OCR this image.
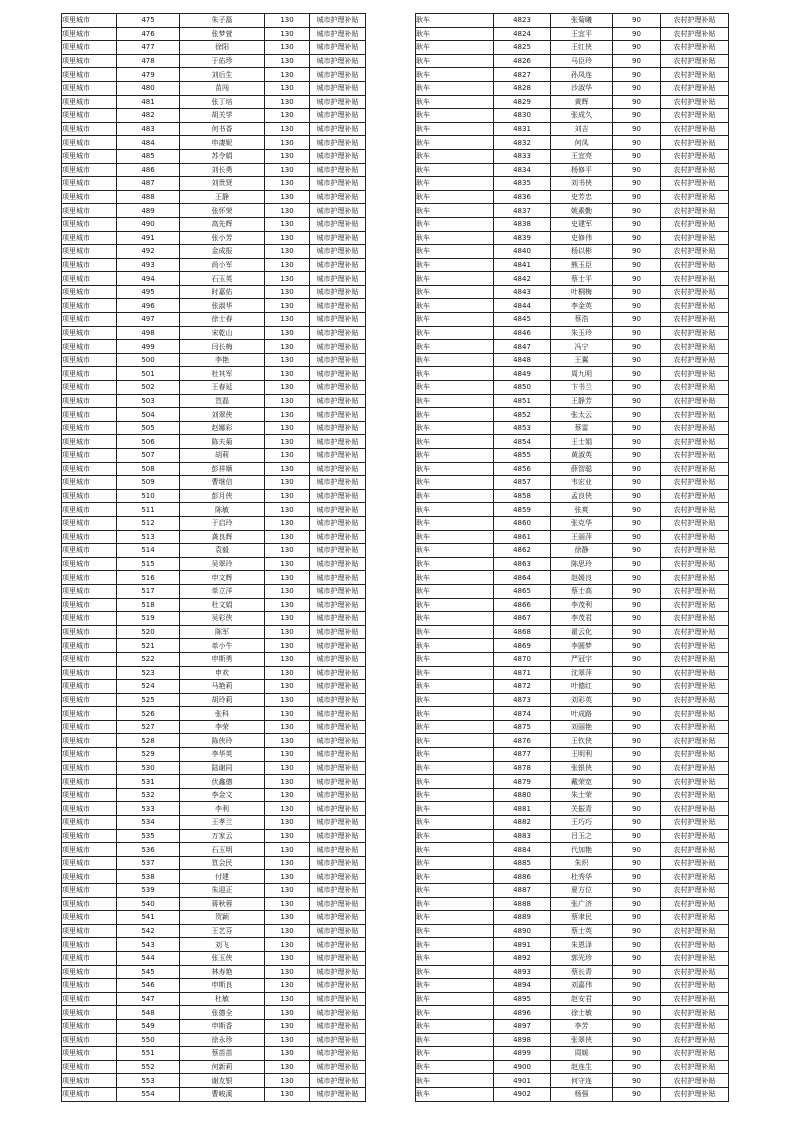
项里城市	475	朱子磊	130	城市护理补贴
项里城市	476	张梦萱	130	城市护理补贴
项里城市	477	徐阳	130	城市护理补贴
项里城市	478	于佑珍	130	城市护理补贴
项里城市	479	刘后生	130	城市护理补贴
项里城市	480	苗闯	130	城市护理补贴
项里城市	481	张丁培	130	城市护理补贴
项里城市	482	胡关学	130	城市护理补贴
项里城市	483	何书香	130	城市护理补贴
项里城市	484	申凄妮	130	城市护理补贴
项里城市	485	苏令娟	130	城市护理补贴
项里城市	486	刘长勇	130	城市护理补贴
项里城市	487	刘贵贤	130	城市护理补贴
项里城市	488	王静	130	城市护理补贴
项里城市	489	张怀荣	130	城市护理补贴
项里城市	490	高先辉	130	城市护理补贴
项里城市	491	张小芳	130	城市护理补贴
项里城市	492	金成报	130	城市护理补贴
项里城市	493	尚小军	130	城市护理补贴
项里城市	494	石玉英	130	城市护理补贴
项里城市	495	时嘉佑	130	城市护理补贴
项里城市	496	张淑华	130	城市护理补贴
项里城市	497	徐士春	130	城市护理补贴
项里城市	498	宋乾山	130	城市护理补贴
项里城市	499	闫长梅	130	城市护理补贴
项里城市	500	李艳	130	城市护理补贴
项里城市	501	杜其军	130	城市护理补贴
项里城市	502	王春延	130	城市护理补贴
项里城市	503	笪磊	130	城市护理补贴
项里城市	504	刘翠侠	130	城市护理补贴
项里城市	505	赵娜彩	130	城市护理补贴
项里城市	506	陈夫菊	130	城市护理补贴
项里城市	507	胡莉	130	城市护理补贴
项里城市	508	彭祥顺	130	城市护理补贴
项里城市	509	曹继信	130	城市护理补贴
项里城市	510	彭月侠	130	城市护理补贴
项里城市	511	陈敏	130	城市护理补贴
项里城市	512	于启玲	130	城市护理补贴
项里城市	513	龚良辉	130	城市护理补贴
项里城市	514	袁毅	130	城市护理补贴
项里城市	515	吴翠玲	130	城市护理补贴
项里城市	516	申文辉	130	城市护理补贴
项里城市	517	单立洋	130	城市护理补贴
项里城市	518	杜文娟	130	城市护理补贴
项里城市	519	吴彩侠	130	城市护理补贴
项里城市	520	陈军	130	城市护理补贴
项里城市	521	单小牛	130	城市护理补贴
项里城市	522	申斯勇	130	城市护理补贴
项里城市	523	申欢	130	城市护理补贴
项里城市	524	马艳莉	130	城市护理补贴
项里城市	525	胡玲莉	130	城市护理补贴
项里城市	526	张科	130	城市护理补贴
项里城市	527	李荣	130	城市护理补贴
项里城市	528	陈侠玲	130	城市护理补贴
项里城市	529	李华英	130	城市护理补贴
项里城市	530	陆谢同	130	城市护理补贴
项里城市	531	伏鑫德	130	城市护理补贴
项里城市	532	李金文	130	城市护理补贴
项里城市	533	李利	130	城市护理补贴
项里城市	534	王孝兰	130	城市护理补贴
项里城市	535	万家云	130	城市护理补贴
项里城市	536	石玉明	130	城市护理补贴
项里城市	537	笪会民	130	城市护理补贴
项里城市	538	付建	130	城市护理补贴
项里城市	539	朱迎正	130	城市护理补贴
项里城市	540	蒋秋蓉	130	城市护理补贴
项里城市	541	贺颖	130	城市护理补贴
项里城市	542	王艺芬	130	城市护理补贴
项里城市	543	刘飞	130	城市护理补贴
项里城市	544	张玉侠	130	城市护理补贴
项里城市	545	林寿艳	130	城市护理补贴
项里城市	546	申斯良	130	城市护理补贴
项里城市	547	杜敏	130	城市护理补贴
项里城市	548	张德全	130	城市护理补贴
项里城市	549	申斯香	130	城市护理补贴
项里城市	550	徐永珍	130	城市护理补贴
项里城市	551	蔡苗苗	130	城市护理补贴
项里城市	552	何新莉	130	城市护理补贴
项里城市	553	谢友银	130	城市护理补贴
项里城市	554	曹峻溪	130	城市护理补贴
耿车	4823	张菊曦	90	农村护理补贴
耿车	4824	王宜平	90	农村护理补贴
耿车	4825	王红侠	90	农村护理补贴
耿车	4826	马臣玲	90	农村护理补贴
耿车	4827	孙凤连	90	农村护理补贴
耿车	4828	沙淑华	90	农村护理补贴
耿车	4829	黄辉	90	农村护理补贴
耿车	4830	张成久	90	农村护理补贴
耿车	4831	刘吉	90	农村护理补贴
耿车	4832	何凤	90	农村护理补贴
耿车	4833	王宜亮	90	农村护理补贴
耿车	4834	杨修平	90	农村护理补贴
耿车	4835	刘书侠	90	农村护理补贴
耿车	4836	史芳忠	90	农村护理补贴
耿车	4837	姚素勤	90	农村护理补贴
耿车	4838	史建军	90	农村护理补贴
耿车	4839	史修伟	90	农村护理补贴
耿车	4840	杨以彬	90	农村护理补贴
耿车	4841	熊玉臣	90	农村护理补贴
耿车	4842	蔡士平	90	农村护理补贴
耿车	4843	叶桐梅	90	农村护理补贴
耿车	4844	李金英	90	农村护理补贴
耿车	4845	蔡浩	90	农村护理补贴
耿车	4846	朱玉玲	90	农村护理补贴
耿车	4847	冯宁	90	农村护理补贴
耿车	4848	王翼	90	农村护理补贴
耿车	4849	周九明	90	农村护理补贴
耿车	4850	卞书兰	90	农村护理补贴
耿车	4851	王静芳	90	农村护理补贴
耿车	4852	张太云	90	农村护理补贴
耿车	4853	蔡雷	90	农村护理补贴
耿车	4854	王士娟	90	农村护理补贴
耿车	4855	黄淑英	90	农村护理补贴
耿车	4856	薛智聪	90	农村护理补贴
耿车	4857	韦宏业	90	农村护理补贴
耿车	4858	孟良侠	90	农村护理补贴
耿车	4859	张爽	90	农村护理补贴
耿车	4860	张克华	90	农村护理补贴
耿车	4861	王丽萍	90	农村护理补贴
耿车	4862	徐静	90	农村护理补贴
耿车	4863	陈思玲	90	农村护理补贴
耿车	4864	赵媛良	90	农村护理补贴
耿车	4865	蔡士高	90	农村护理补贴
耿车	4866	李茂利	90	农村护理补贴
耿车	4867	李茂君	90	农村护理补贴
耿车	4868	翟云化	90	农村护理补贴
耿车	4869	李圆梦	90	农村护理补贴
耿车	4870	严冠宇	90	农村护理补贴
耿车	4871	沈翠萍	90	农村护理补贴
耿车	4872	叶德红	90	农村护理补贴
耿车	4873	刘彩英	90	农村护理补贴
耿车	4874	叶成路	90	农村护理补贴
耿车	4875	刘丽艳	90	农村护理补贴
耿车	4876	王钦侠	90	农村护理补贴
耿车	4877	王明利	90	农村护理补贴
耿车	4878	张银侠	90	农村护理补贴
耿车	4879	戴荣宽	90	农村护理补贴
耿车	4880	朱士荣	90	农村护理补贴
耿车	4881	关振青	90	农村护理补贴
耿车	4882	王巧巧	90	农村护理补贴
耿车	4883	吕玉之	90	农村护理补贴
耿车	4884	代加艳	90	农村护理补贴
耿车	4885	朱炽	90	农村护理补贴
耿车	4886	杜秀华	90	农村护理补贴
耿车	4887	夏方位	90	农村护理补贴
耿车	4888	张广济	90	农村护理补贴
耿车	4889	蔡聿民	90	农村护理补贴
耿车	4890	蔡士英	90	农村护理补贴
耿车	4891	朱恩泽	90	农村护理补贴
耿车	4892	郭光珍	90	农村护理补贴
耿车	4893	蔡长青	90	农村护理补贴
耿车	4894	刘嘉伟	90	农村护理补贴
耿车	4895	赵安君	90	农村护理补贴
耿车	4896	徐士敏	90	农村护理补贴
耿车	4897	李芳	90	农村护理补贴
耿车	4898	张翠侠	90	农村护理补贴
耿车	4899	周媛	90	农村护理补贴
耿车	4900	赵连生	90	农村护理补贴
耿车	4901	何守连	90	农村护理补贴
耿车	4902	杨强	90	农村护理补贴
